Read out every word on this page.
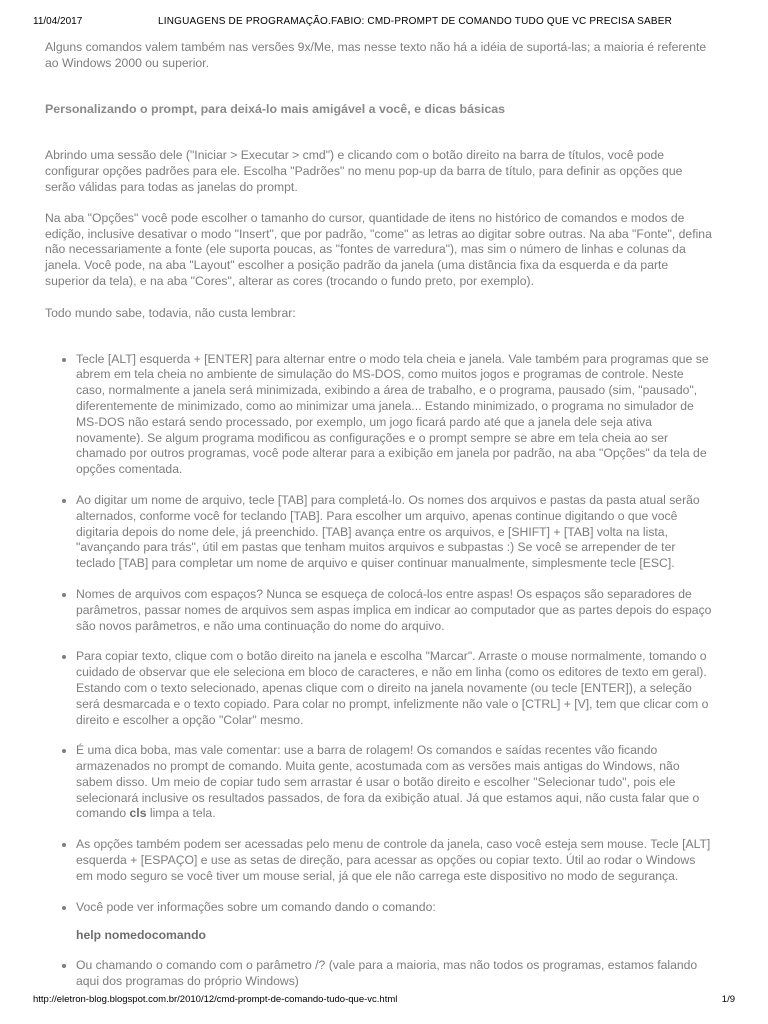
11/04/2017	LINGUAGENS DE PROGRAMAÇÃO.FABIO: CMD-PROMPT DE COMANDO TUDO QUE VC PRECISA SABER

Alguns comandos valem também nas versões 9x/Me, mas nesse texto não há a idéia de suportá-las; a maioria é referente ao Windows 2000 ou superior.

Personalizando o prompt, para deixá-lo mais amigável a você, e dicas básicas

Abrindo uma sessão dele ("Iniciar > Executar > cmd") e clicando com o botão direito na barra de títulos, você pode configurar opções padrões para ele. Escolha "Padrões" no menu pop-up da barra de título, para definir as opções que serão válidas para todas as janelas do prompt.

Na aba "Opções" você pode escolher o tamanho do cursor, quantidade de itens no histórico de comandos e modos de edição, inclusive desativar o modo "Insert", que por padrão, "come" as letras ao digitar sobre outras. Na aba "Fonte", defina não necessariamente a fonte (ele suporta poucas, as "fontes de varredura"), mas sim o número de linhas e colunas da janela. Você pode, na aba "Layout" escolher a posição padrão da janela (uma distância fixa da esquerda e da parte superior da tela), e na aba "Cores", alterar as cores (trocando o fundo preto, por exemplo).

Todo mundo sabe, todavia, não custa lembrar:

Tecle [ALT] esquerda + [ENTER] para alternar entre o modo tela cheia e janela. Vale também para programas que se abrem em tela cheia no ambiente de simulação do MS-DOS, como muitos jogos e programas de controle. Neste caso, normalmente a janela será minimizada, exibindo a área de trabalho, e o programa, pausado (sim, "pausado", diferentemente de minimizado, como ao minimizar uma janela... Estando minimizado, o programa no simulador de MS-DOS não estará sendo processado, por exemplo, um jogo ficará pardo até que a janela dele seja ativa novamente). Se algum programa modificou as configurações e o prompt sempre se abre em tela cheia ao ser chamado por outros programas, você pode alterar para a exibição em janela por padrão, na aba "Opções" da tela de opções comentada.
Ao digitar um nome de arquivo, tecle [TAB] para completá-lo. Os nomes dos arquivos e pastas da pasta atual serão alternados, conforme você for teclando [TAB]. Para escolher um arquivo, apenas continue digitando o que você digitaria depois do nome dele, já preenchido. [TAB] avança entre os arquivos, e [SHIFT] + [TAB] volta na lista, "avançando para trás", útil em pastas que tenham muitos arquivos e subpastas :) Se você se arrepender de ter teclado [TAB] para completar um nome de arquivo e quiser continuar manualmente, simplesmente tecle [ESC].
Nomes de arquivos com espaços? Nunca se esqueça de colocá-los entre aspas! Os espaços são separadores de parâmetros, passar nomes de arquivos sem aspas implica em indicar ao computador que as partes depois do espaço são novos parâmetros, e não uma continuação do nome do arquivo.
Para copiar texto, clique com o botão direito na janela e escolha "Marcar". Arraste o mouse normalmente, tomando o cuidado de observar que ele seleciona em bloco de caracteres, e não em linha (como os editores de texto em geral). Estando com o texto selecionado, apenas clique com o direito na janela novamente (ou tecle [ENTER]), a seleção será desmarcada e o texto copiado. Para colar no prompt, infelizmente não vale o [CTRL] + [V], tem que clicar com o direito e escolher a opção "Colar" mesmo.
É uma dica boba, mas vale comentar: use a barra de rolagem! Os comandos e saídas recentes vão ficando armazenados no prompt de comando. Muita gente, acostumada com as versões mais antigas do Windows, não sabem disso. Um meio de copiar tudo sem arrastar é usar o botão direito e escolher "Selecionar tudo", pois ele selecionará inclusive os resultados passados, de fora da exibição atual. Já que estamos aqui, não custa falar que o comando cls limpa a tela.
As opções também podem ser acessadas pelo menu de controle da janela, caso você esteja sem mouse. Tecle [ALT] esquerda + [ESPAÇO] e use as setas de direção, para acessar as opções ou copiar texto. Útil ao rodar o Windows em modo seguro se você tiver um mouse serial, já que ele não carrega este dispositivo no modo de segurança.
Você pode ver informações sobre um comando dando o comando:

help nomedocomando

Ou chamando o comando com o parâmetro /? (vale para a maioria, mas não todos os programas, estamos falando aqui dos programas do próprio Windows)
http://eletron-blog.blogspot.com.br/2010/12/cmd-prompt-de-comando-tudo-que-vc.html	1/9
